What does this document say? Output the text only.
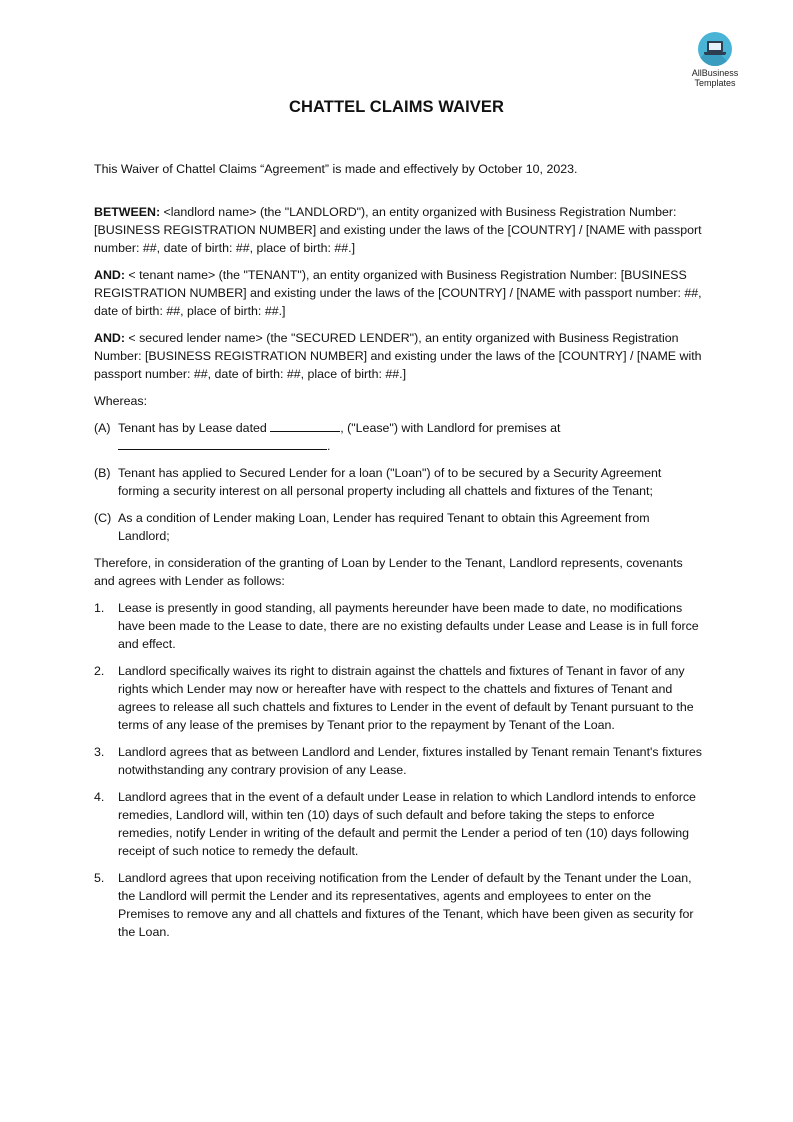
AllBusiness
Templates
CHATTEL CLAIMS WAIVER

This Waiver of Chattel Claims “Agreement” is made and effectively by October 10, 2023.

BETWEEN: <landlord name> (the "LANDLORD"), an entity organized with Business Registration Number: [BUSINESS REGISTRATION NUMBER] and existing under the laws of the [COUNTRY] / [NAME with passport number: ##, date of birth: ##, place of birth: ##.]

AND: < tenant name> (the "TENANT"), an entity organized with Business Registration Number: [BUSINESS REGISTRATION NUMBER] and existing under the laws of the [COUNTRY] / [NAME with passport number: ##, date of birth: ##, place of birth: ##.]

AND: < secured lender name> (the "SECURED LENDER"), an entity organized with Business Registration Number: [BUSINESS REGISTRATION NUMBER] and existing under the laws of the [COUNTRY] / [NAME with passport number: ##, date of birth: ##, place of birth: ##.]

Whereas:

(A) Tenant has by Lease dated	, ("Lease") with Landlord for premises at
.
(B) Tenant has applied to Secured Lender for a loan ("Loan") of to be secured by a Security Agreement forming a security interest on all personal property including all chattels and fixtures of the Tenant;
(C) As a condition of Lender making Loan, Lender has required Tenant to obtain this Agreement from Landlord;

Therefore, in consideration of the granting of Loan by Lender to the Tenant, Landlord represents, covenants and agrees with Lender as follows:

1.	Lease is presently in good standing, all payments hereunder have been made to date, no modifications have been made to the Lease to date, there are no existing defaults under Lease and Lease is in full force and effect.
2.	Landlord specifically waives its right to distrain against the chattels and fixtures of Tenant in favor of any rights which Lender may now or hereafter have with respect to the chattels and fixtures of Tenant and agrees to release all such chattels and fixtures to Lender in the event of default by Tenant pursuant to the terms of any lease of the premises by Tenant prior to the repayment by Tenant of the Loan.
3.	Landlord agrees that as between Landlord and Lender, fixtures installed by Tenant remain Tenant's fixtures notwithstanding any contrary provision of any Lease.
4.	Landlord agrees that in the event of a default under Lease in relation to which Landlord intends to enforce remedies, Landlord will, within ten (10) days of such default and before taking the steps to enforce remedies, notify Lender in writing of the default and permit the Lender a period of ten (10) days following receipt of such notice to remedy the default.
5.	Landlord agrees that upon receiving notification from the Lender of default by the Tenant under the Loan, the Landlord will permit the Lender and its representatives, agents and employees to enter on the Premises to remove any and all chattels and fixtures of the Tenant, which have been given as security for the Loan.
